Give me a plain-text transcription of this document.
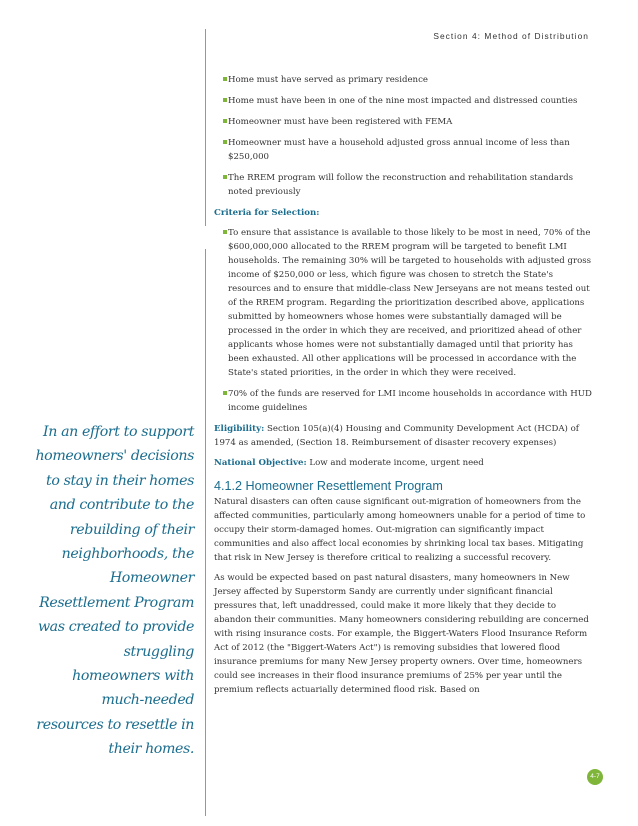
Section 4: Method of Distribution
Home must have served as primary residence
Home must have been in one of the nine most impacted and distressed counties
Homeowner must have been registered with FEMA
Homeowner must have a household adjusted gross annual income of less than $250,000
The RREM program will follow the reconstruction and rehabilitation standards noted previously
Criteria for Selection:
To ensure that assistance is available to those likely to be most in need, 70% of the $600,000,000 allocated to the RREM program will be targeted to benefit LMI households. The remaining 30% will be targeted to households with adjusted gross income of $250,000 or less, which figure was chosen to stretch the State's resources and to ensure that middle-class New Jerseyans are not means tested out of the RREM program. Regarding the prioritization described above, applications submitted by homeowners whose homes were substantially damaged will be processed in the order in which they are received, and prioritized ahead of other applicants whose homes were not substantially damaged until that priority has been exhausted. All other applications will be processed in accordance with the State's stated priorities, in the order in which they were received.
70% of the funds are reserved for LMI income households in accordance with HUD income guidelines
Eligibility: Section 105(a)(4) Housing and Community Development Act (HCDA) of 1974 as amended, (Section 18. Reimbursement of disaster recovery expenses)
National Objective: Low and moderate income, urgent need
4.1.2 Homeowner Resettlement Program
Natural disasters can often cause significant out-migration of homeowners from the affected communities, particularly among homeowners unable for a period of time to occupy their storm-damaged homes. Out-migration can significantly impact communities and also affect local economies by shrinking local tax bases. Mitigating that risk in New Jersey is therefore critical to realizing a successful recovery.
As would be expected based on past natural disasters, many homeowners in New Jersey affected by Superstorm Sandy are currently under significant financial pressures that, left unaddressed, could make it more likely that they decide to abandon their communities. Many homeowners considering rebuilding are concerned with rising insurance costs. For example, the Biggert-Waters Flood Insurance Reform Act of 2012 (the "Biggert-Waters Act") is removing subsidies that lowered flood insurance premiums for many New Jersey property owners. Over time, homeowners could see increases in their flood insurance premiums of 25% per year until the premium reflects actuarially determined flood risk. Based on
In an effort to support homeowners' decisions to stay in their homes and contribute to the rebuilding of their neighborhoods, the Homeowner Resettlement Program was created to provide struggling homeowners with much-needed resources to resettle in their homes.
4-7
